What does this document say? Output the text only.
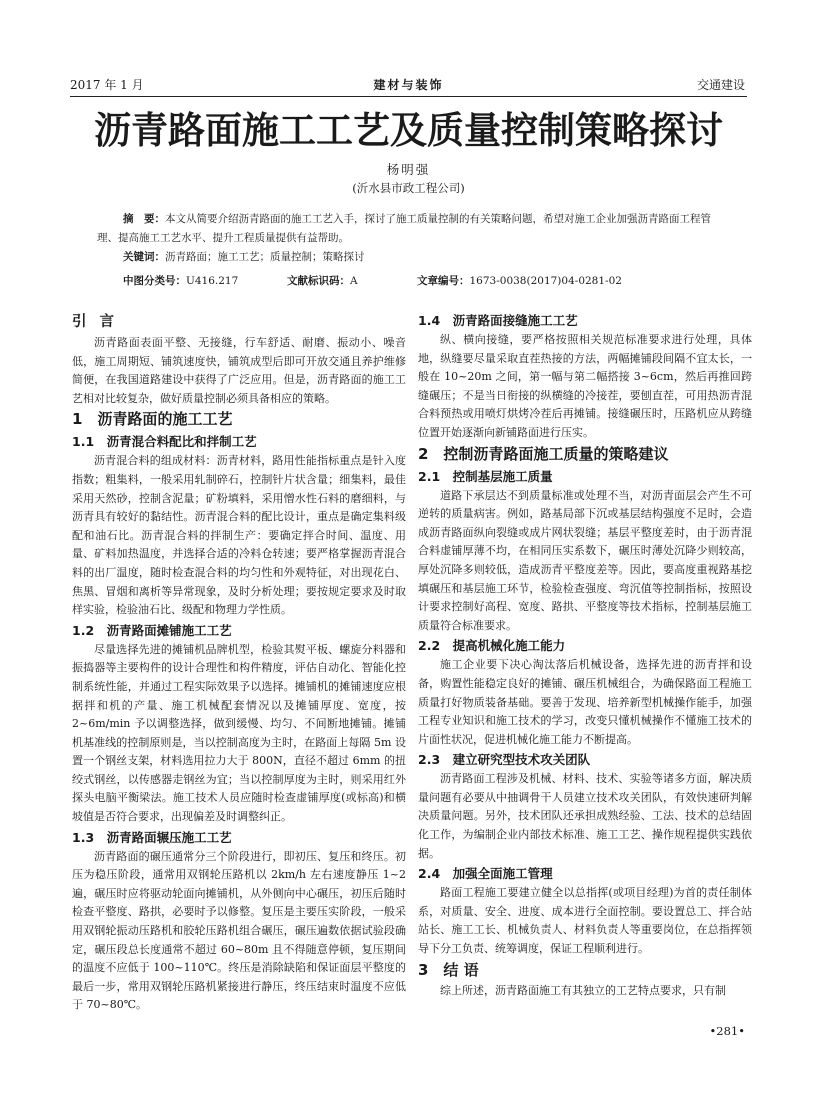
2017 年 1 月	建材与装饰	交通建设
沥青路面施工工艺及质量控制策略探讨
杨明强
(沂水县市政工程公司)

摘　要：本文从简要介绍沥青路面的施工工艺入手，探讨了施工质量控制的有关策略问题，希望对施工企业加强沥青路面工程管理、提高施工工艺水平、提升工程质量提供有益帮助。

关键词：沥青路面；施工工艺；质量控制；策略探讨

中图分类号：U416.217	文献标识码：A	文章编号：1673-0038(2017)04-0281-02
引 言

沥青路面表面平整、无接缝，行车舒适、耐磨、振动小、噪音低，施工周期短、铺筑速度快，铺筑成型后即可开放交通且养护维修简便，在我国道路建设中获得了广泛应用。但是，沥青路面的施工工艺相对比较复杂，做好质量控制必须具备相应的策略。

1　沥青路面的施工工艺
1.1　沥青混合料配比和拌制工艺

沥青混合料的组成材料：沥青材料，路用性能指标重点是针入度指数；粗集料，一般采用轧制碎石，控制针片状含量；细集料，最佳采用天然砂，控制含泥量；矿粉填料，采用憎水性石料的磨细料，与沥青具有较好的黏结性。沥青混合料的配比设计，重点是确定集料级配和油石比。沥青混合料的拌制生产：要确定拌合时间、温度、用量、矿料加热温度，并选择合适的冷料仓转速；要严格掌握沥青混合料的出厂温度，随时检查混合料的均匀性和外观特征，对出现花白、焦黑、冒烟和离析等异常现象，及时分析处理；要按规定要求及时取样实验，检验油石比、级配和物理力学性质。

1.2　沥青路面摊铺施工工艺

尽量选择先进的摊铺机品牌机型，检验其熨平板、螺旋分料器和振捣器等主要构件的设计合理性和构件精度，评估自动化、智能化控制系统性能，并通过工程实际效果予以选择。摊铺机的摊铺速度应根据拌和机的产量、施工机械配套情况以及摊铺厚度、宽度，按 2~6m/min 予以调整选择，做到缓慢、均匀、不间断地摊铺。摊铺机基准线的控制原则是，当以控制高度为主时，在路面上每隔 5m 设置一个钢丝支架，材料选用拉力大于 800N，直径不超过 6mm 的扭绞式钢丝，以传感器走钢丝为宜；当以控制厚度为主时，则采用红外探头电脑平衡梁法。施工技术人员应随时检查虚铺厚度(或标高)和横坡值是否符合要求，出现偏差及时调整纠正。

1.3　沥青路面辗压施工工艺

沥青路面的碾压通常分三个阶段进行，即初压、复压和终压。初压为稳压阶段，通常用双钢轮压路机以 2km/h 左右速度静压 1~2 遍，碾压时应将驱动轮面向摊铺机，从外侧向中心碾压，初压后随时检查平整度、路拱，必要时予以修整。复压是主要压实阶段，一般采用双钢轮振动压路机和胶轮压路机组合碾压，碾压遍数依据试验段确定，碾压段总长度通常不超过 60~80m 且不得随意停顿，复压期间的温度不应低于 100~110℃。终压是消除缺陷和保证面层平整度的最后一步，常用双钢轮压路机紧接进行静压，终压结束时温度不应低于 70~80℃。

1.4　沥青路面接缝施工工艺

纵、横向接缝，要严格按照相关规范标准要求进行处理，具体地，纵缝要尽量采取直茬热接的方法，两幅摊铺段间隔不宜太长，一般在 10~20m 之间，第一幅与第二幅搭接 3~6cm，然后再推回跨缝碾压；不是当日衔接的纵横缝的冷接茬，要刨直茬，可用热沥青混合料预热或用喷灯烘烤冷茬后再摊铺。接缝碾压时，压路机应从跨缝位置开始逐渐向新铺路面进行压实。

2　控制沥青路面施工质量的策略建议
2.1　控制基层施工质量

道路下承层达不到质量标准或处理不当，对沥青面层会产生不可逆转的质量病害。例如，路基局部下沉或基层结构强度不足时，会造成沥青路面纵向裂缝或成片网状裂缝；基层平整度差时，由于沥青混合料虚铺厚薄不均，在相同压实系数下，碾压时薄处沉降少则较高，厚处沉降多则较低，造成沥青平整度差等。因此，要高度重视路基挖填碾压和基层施工环节，检验检查强度、弯沉值等控制指标，按照设计要求控制好高程、宽度、路拱、平整度等技术指标，控制基层施工质量符合标准要求。

2.2　提高机械化施工能力

施工企业要下决心淘汰落后机械设备，选择先进的沥青拌和设备，购置性能稳定良好的摊铺、碾压机械组合，为确保路面工程施工质量打好物质装备基础。要善于发现、培养新型机械操作能手，加强工程专业知识和施工技术的学习，改变只懂机械操作不懂施工技术的片面性状况，促进机械化施工能力不断提高。

2.3　建立研究型技术攻关团队

沥青路面工程涉及机械、材料、技术、实验等诸多方面，解决质量问题有必要从中抽调骨干人员建立技术攻关团队，有效快速研判解决质量问题。另外，技术团队还承担成熟经验、工法、技术的总结固化工作，为编制企业内部技术标准、施工工艺、操作规程提供实践依据。

2.4　加强全面施工管理

路面工程施工要建立健全以总指挥(或项目经理)为首的责任制体系，对质量、安全、进度、成本进行全面控制。要设置总工、拌合站站长、施工工长、机械负责人、材料负责人等重要岗位，在总指挥领导下分工负责、统筹调度，保证工程顺利进行。

3　结 语

综上所述，沥青路面施工有其独立的工艺特点要求，只有制

•281•
